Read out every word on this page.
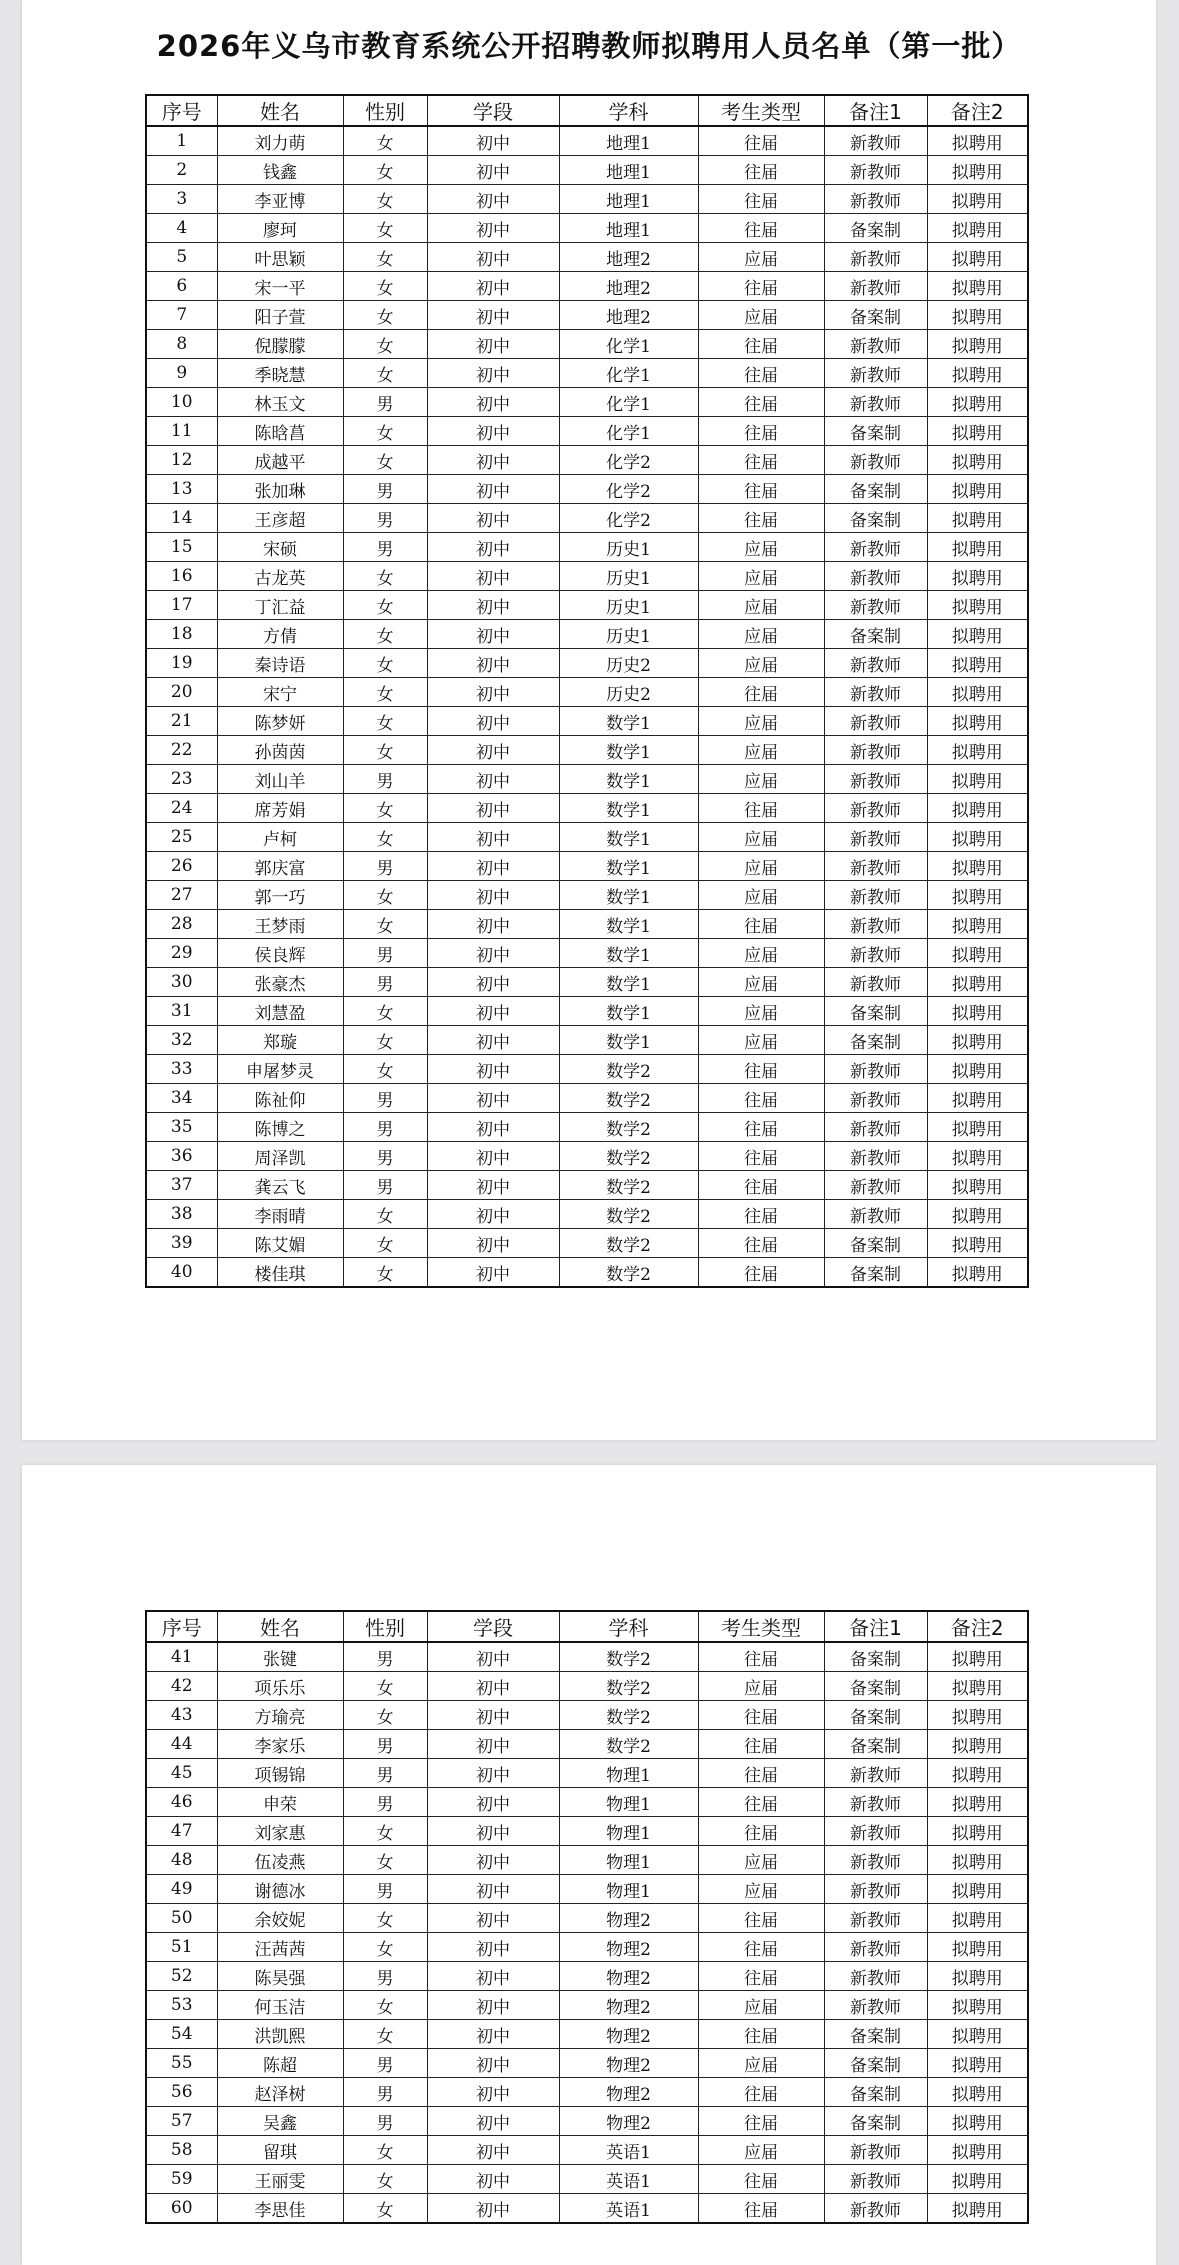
2026年义乌市教育系统公开招聘教师拟聘用人员名单（第一批）
序号	姓名	性别	学段	学科	考生类型	备注1	备注2
1	刘力萌	女	初中	地理1	往届	新教师	拟聘用
2	钱鑫	女	初中	地理1	往届	新教师	拟聘用
3	李亚博	女	初中	地理1	往届	新教师	拟聘用
4	廖珂	女	初中	地理1	往届	备案制	拟聘用
5	叶思颖	女	初中	地理2	应届	新教师	拟聘用
6	宋一平	女	初中	地理2	往届	新教师	拟聘用
7	阳子萱	女	初中	地理2	应届	备案制	拟聘用
8	倪朦朦	女	初中	化学1	往届	新教师	拟聘用
9	季晓慧	女	初中	化学1	往届	新教师	拟聘用
10	林玉文	男	初中	化学1	往届	新教师	拟聘用
11	陈晗菖	女	初中	化学1	往届	备案制	拟聘用
12	成越平	女	初中	化学2	往届	新教师	拟聘用
13	张加琳	男	初中	化学2	往届	备案制	拟聘用
14	王彦超	男	初中	化学2	往届	备案制	拟聘用
15	宋硕	男	初中	历史1	应届	新教师	拟聘用
16	古龙英	女	初中	历史1	应届	新教师	拟聘用
17	丁汇益	女	初中	历史1	应届	新教师	拟聘用
18	方倩	女	初中	历史1	应届	备案制	拟聘用
19	秦诗语	女	初中	历史2	应届	新教师	拟聘用
20	宋宁	女	初中	历史2	往届	新教师	拟聘用
21	陈梦妍	女	初中	数学1	应届	新教师	拟聘用
22	孙茵茵	女	初中	数学1	应届	新教师	拟聘用
23	刘山羊	男	初中	数学1	应届	新教师	拟聘用
24	席芳娟	女	初中	数学1	往届	新教师	拟聘用
25	卢柯	女	初中	数学1	应届	新教师	拟聘用
26	郭庆富	男	初中	数学1	应届	新教师	拟聘用
27	郭一巧	女	初中	数学1	应届	新教师	拟聘用
28	王梦雨	女	初中	数学1	往届	新教师	拟聘用
29	侯良辉	男	初中	数学1	应届	新教师	拟聘用
30	张豪杰	男	初中	数学1	应届	新教师	拟聘用
31	刘慧盈	女	初中	数学1	应届	备案制	拟聘用
32	郑璇	女	初中	数学1	应届	备案制	拟聘用
33	申屠梦灵	女	初中	数学2	往届	新教师	拟聘用
34	陈祉仰	男	初中	数学2	往届	新教师	拟聘用
35	陈博之	男	初中	数学2	往届	新教师	拟聘用
36	周泽凯	男	初中	数学2	往届	新教师	拟聘用
37	龚云飞	男	初中	数学2	往届	新教师	拟聘用
38	李雨晴	女	初中	数学2	往届	新教师	拟聘用
39	陈艾媚	女	初中	数学2	往届	备案制	拟聘用
40	楼佳琪	女	初中	数学2	往届	备案制	拟聘用
序号	姓名	性别	学段	学科	考生类型	备注1	备注2
41	张键	男	初中	数学2	往届	备案制	拟聘用
42	项乐乐	女	初中	数学2	应届	备案制	拟聘用
43	方瑜亮	女	初中	数学2	往届	备案制	拟聘用
44	李家乐	男	初中	数学2	往届	备案制	拟聘用
45	项锡锦	男	初中	物理1	往届	新教师	拟聘用
46	申荣	男	初中	物理1	往届	新教师	拟聘用
47	刘家惠	女	初中	物理1	往届	新教师	拟聘用
48	伍凌燕	女	初中	物理1	应届	新教师	拟聘用
49	谢德冰	男	初中	物理1	应届	新教师	拟聘用
50	余姣妮	女	初中	物理2	往届	新教师	拟聘用
51	汪茜茜	女	初中	物理2	往届	新教师	拟聘用
52	陈昊强	男	初中	物理2	往届	新教师	拟聘用
53	何玉洁	女	初中	物理2	应届	新教师	拟聘用
54	洪凯熙	女	初中	物理2	往届	备案制	拟聘用
55	陈超	男	初中	物理2	应届	备案制	拟聘用
56	赵泽树	男	初中	物理2	往届	备案制	拟聘用
57	吴鑫	男	初中	物理2	往届	备案制	拟聘用
58	留琪	女	初中	英语1	应届	新教师	拟聘用
59	王丽雯	女	初中	英语1	往届	新教师	拟聘用
60	李思佳	女	初中	英语1	往届	新教师	拟聘用
